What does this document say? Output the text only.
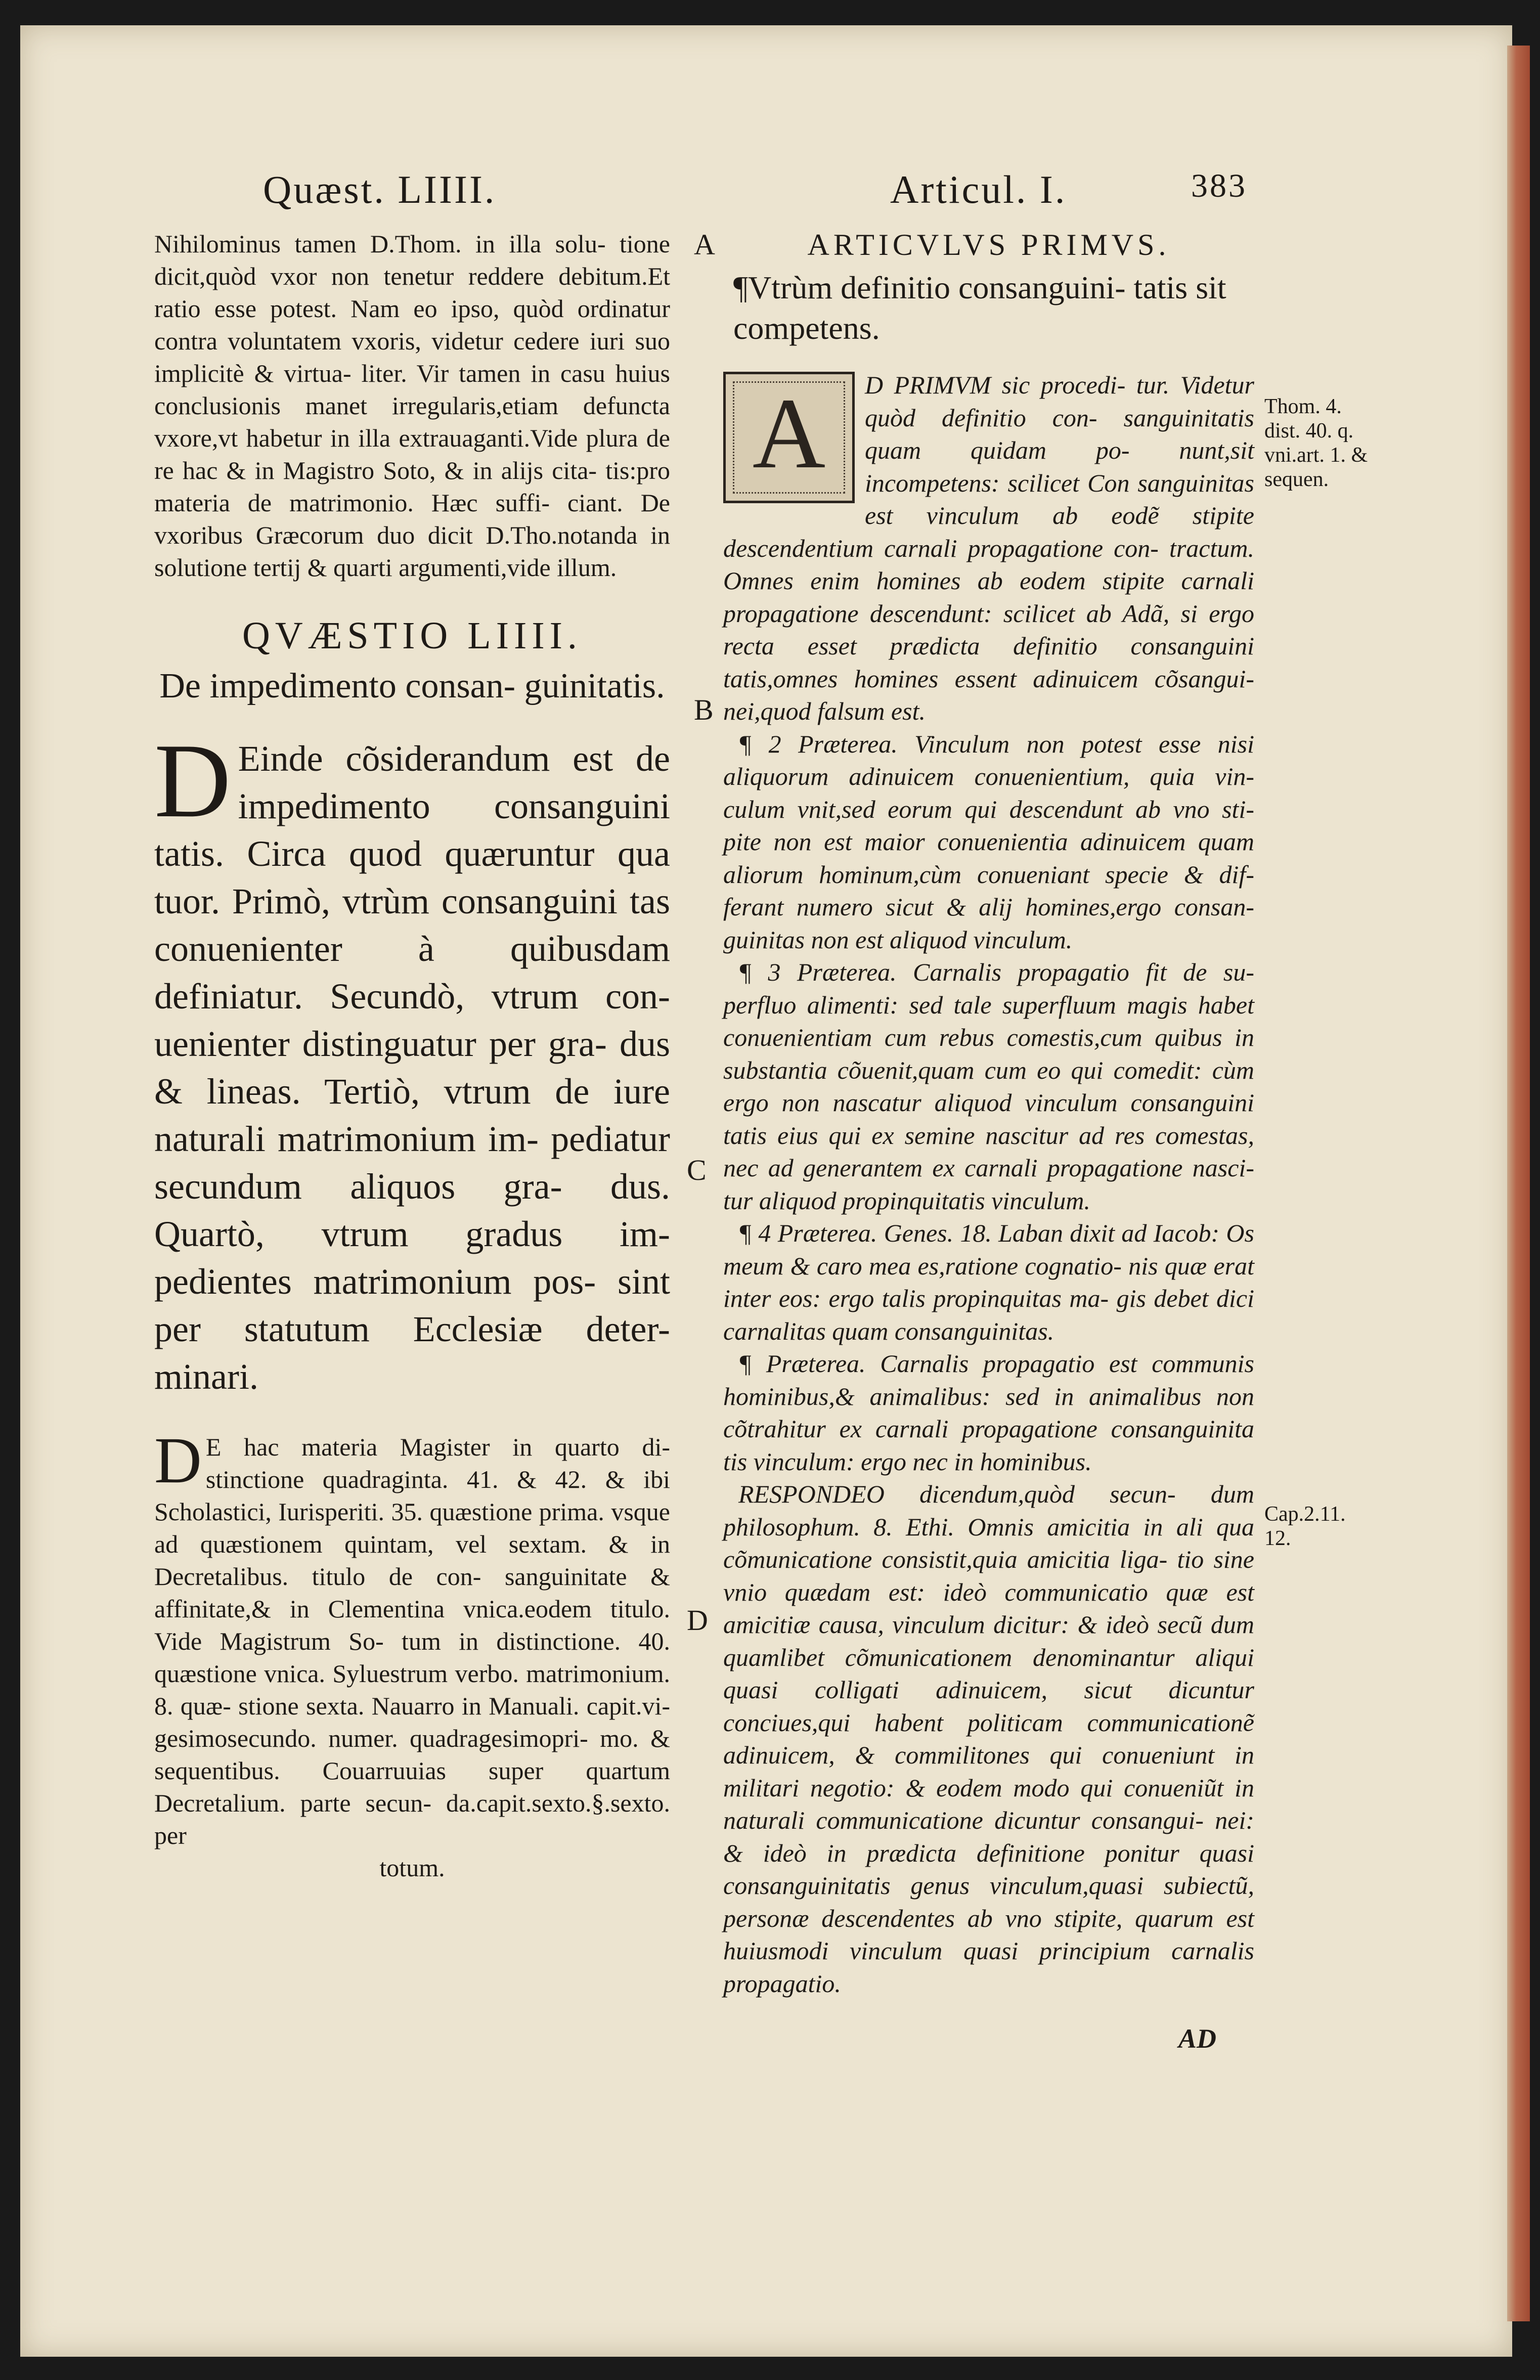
Quæst. LIIII.	Articul. I.	383

Nihilominus tamen D.Thom. in illa solu- tione dicit,quòd vxor non tenetur reddere debitum.Et ratio esse potest. Nam eo ipso, quòd ordinatur contra voluntatem vxoris, videtur cedere iuri suo implicitè & virtua- liter. Vir tamen in casu huius conclusionis manet irregularis,etiam defuncta vxore,vt habetur in illa extrauaganti.Vide plura de re hac & in Magistro Soto, & in alijs cita- tis:pro materia de matrimonio. Hæc suffi- ciant. De vxoribus Græcorum duo dicit D.Tho.notanda in solutione tertij & quarti argumenti,vide illum.

QVÆSTIO LIIII.
De impedimento consan- guinitatis.

D Einde cõsiderandum est de impedimento consanguini tatis. Circa quod quæruntur qua tuor. Primò, vtrùm consanguini tas conuenienter à quibusdam definiatur. Secundò, vtrum con- uenienter distinguatur per gra- dus & lineas. Tertiò, vtrum de iure naturali matrimonium im- pediatur secundum aliquos gra- dus. Quartò, vtrum gradus im- pedientes matrimonium pos- sint per statutum Ecclesiæ deter- minari.

D E hac materia Magister in quarto di- stinctione quadraginta. 41. & 42. & ibi Scholastici, Iurisperiti. 35. quæstione prima. vsque ad quæstionem quintam, vel sextam. & in Decretalibus. titulo de con- sanguinitate & affinitate,& in Clementina vnica.eodem titulo. Vide Magistrum So- tum in distinctione. 40. quæstione vnica. Syluestrum verbo. matrimonium. 8. quæ- stione sexta. Nauarro in Manuali. capit.vi- gesimosecundo. numer. quadragesimopri- mo. & sequentibus. Couarruuias super quartum Decretalium. parte secun- da.capit.sexto.§.sexto. per

totum.

ARTICVLVS PRIMVS.
¶Vtrùm definitio consanguini- tatis sit competens.

A	D PRIMVM sic procedi- tur. Videtur quòd definitio con- sanguinitatis quam quidam po- nunt,sit incompetens: scilicet Con sanguinitas est vinculum ab eodẽ stipite descendentium carnali propagatione con- tractum. Omnes enim homines ab eodem stipite carnali propagatione descendunt: scilicet ab Adã, si ergo recta esset prædicta definitio consanguini tatis,omnes homines essent adinuicem cõsangui- nei,quod falsum est.

¶ 2 Præterea. Vinculum non potest esse nisi aliquorum adinuicem conuenientium, quia vin- culum vnit,sed eorum qui descendunt ab vno sti- pite non est maior conuenientia adinuicem quam aliorum hominum,cùm conueniant specie & dif- ferant numero sicut & alij homines,ergo consan- guinitas non est aliquod vinculum.

¶ 3 Præterea. Carnalis propagatio fit de su- perfluo alimenti: sed tale superfluum magis habet conuenientiam cum rebus comestis,cum quibus in substantia cõuenit,quam cum eo qui comedit: cùm ergo non nascatur aliquod vinculum consanguini tatis eius qui ex semine nascitur ad res comestas, nec ad generantem ex carnali propagatione nasci- tur aliquod propinquitatis vinculum.

¶ 4 Præterea. Genes. 18. Laban dixit ad Iacob: Os meum & caro mea es,ratione cognatio- nis quæ erat inter eos: ergo talis propinquitas ma- gis debet dici carnalitas quam consanguinitas.

¶ Præterea. Carnalis propagatio est communis hominibus,& animalibus: sed in animalibus non cõtrahitur ex carnali propagatione consanguinita tis vinculum: ergo nec in hominibus.

RESPONDEO dicendum,quòd secun- dum philosophum. 8. Ethi. Omnis amicitia in ali qua cõmunicatione consistit,quia amicitia liga- tio sine vnio quædam est: ideò communicatio quæ est amicitiæ causa, vinculum dicitur: & ideò secũ dum quamlibet cõmunicationem denominantur aliqui quasi colligati adinuicem, sicut dicuntur conciues,qui habent politicam communicationẽ adinuicem, & commilitones qui conueniunt in militari negotio: & eodem modo qui conueniũt in naturali communicatione dicuntur consangui- nei: & ideò in prædicta definitione ponitur quasi consanguinitatis genus vinculum,quasi subiectũ, personæ descendentes ab vno stipite, quarum est huiusmodi vinculum quasi principium carnalis propagatio.

AD
A
B
C
D
Thom. 4. dist. 40. q. vni.art. 1. & sequen.
Cap.2.11. 12.
